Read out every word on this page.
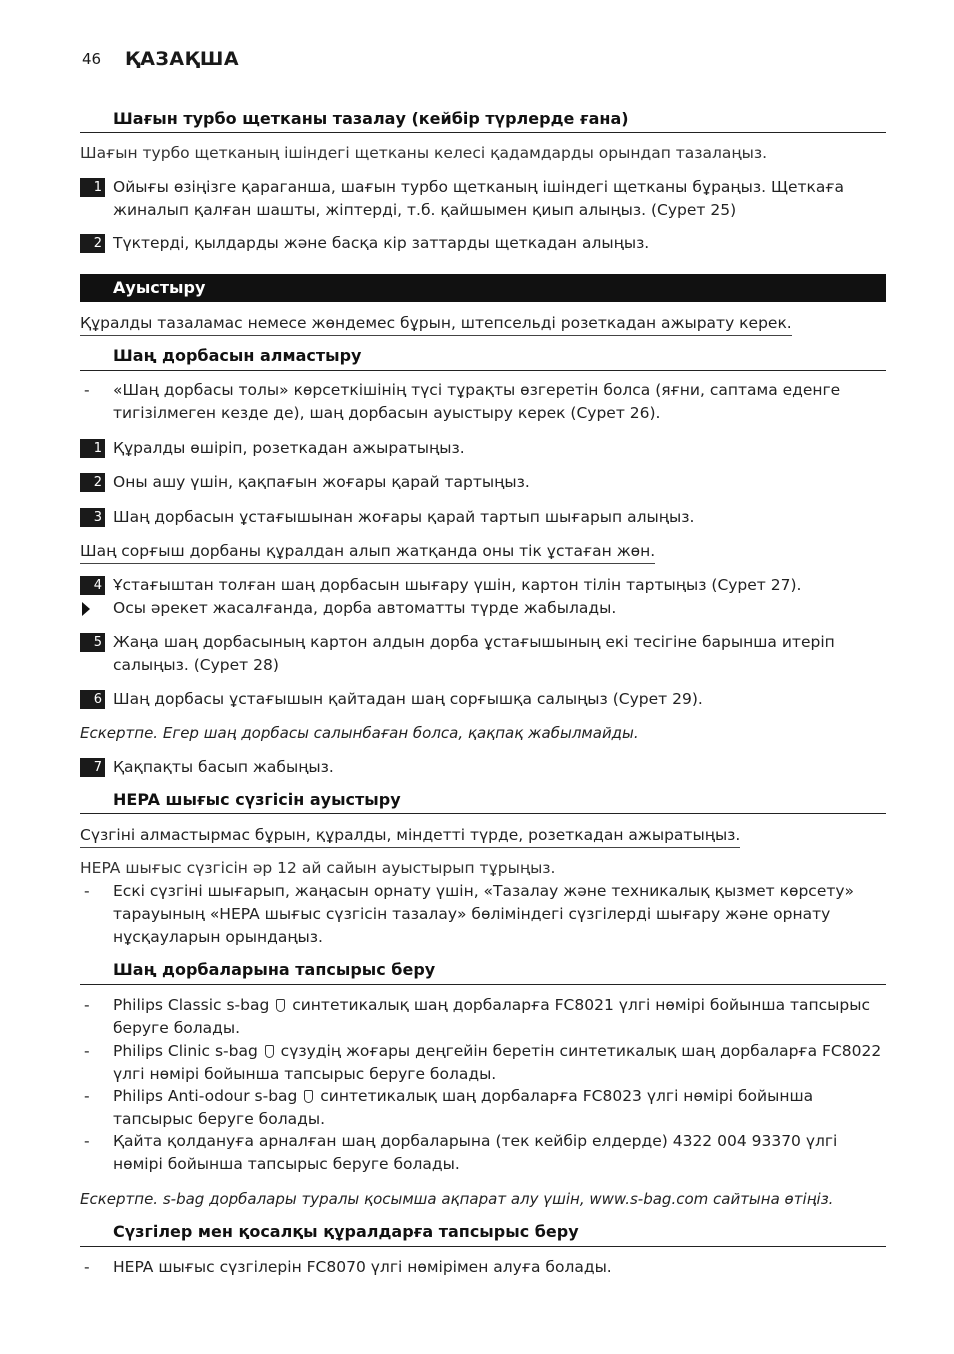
46 ҚАЗАҚША
Шағын турбо щетканы тазалау (кейбір түрлерде ғана)
Шағын турбо щетканың ішіндегі щетканы келесі қадамдарды орындап тазалаңыз.
1 Ойығы өзіңізге қараганша, шағын турбо щетканың ішіндегі щетканы бұраңыз. Щеткаға жиналып қалған шашты, жіптерді, т.б. қайшымен қиып алыңыз. (Сурет 25)
2 Түктерді, қылдарды және басқа кір заттарды щеткадан алыңыз.
Ауыстыру
Құралды тазаламас немесе жөндемес бұрын, штепсельді розеткадан ажырату керек.
Шаң дорбасын алмастыру
- «Шаң дорбасы толы» көрсеткішінің түсі тұрақты өзгеретін болса (яғни, саптама еденге тигізілмеген кезде де), шаң дорбасын ауыстыру керек (Сурет 26).
1 Құралды өшіріп, розеткадан ажыратыңыз.
2 Оны ашу үшін, қақпағын жоғары қарай тартыңыз.
3 Шаң дорбасын ұстағышынан жоғары қарай тартып шығарып алыңыз.
Шаң сорғыш дорбаны құралдан алып жатқанда оны тік ұстаған жөн.
4 Ұстағыштан толған шаң дорбасын шығару үшін, картон тілін тартыңыз (Сурет 27).
Осы әрекет жасалғанда, дорба автоматты түрде жабылады.
5 Жаңа шаң дорбасының картон алдын дорба ұстағышының екі тесігіне барынша итеріп салыңыз. (Сурет 28)
6 Шаң дорбасы ұстағышын қайтадан шаң сорғышқа салыңыз (Сурет 29).
Ескертпе. Егер шаң дорбасы салынбаған болса, қақпақ жабылмайды.
7 Қақпақты басып жабыңыз.
HEPA шығыс сүзгісін ауыстыру
Сүзгіні алмастырмас бұрын, құралды, міндетті түрде, розеткадан ажыратыңыз.
HEPA шығыс сүзгісін әр 12 ай сайын ауыстырып тұрыңыз.
- Ескі сүзгіні шығарып, жаңасын орнату үшін, «Тазалау және техникалық қызмет көрсету» тарауының «HEPA шығыс сүзгісін тазалау» бөліміндегі сүзгілерді шығару және орнату нұсқауларын орындаңыз.
Шаң дорбаларына тапсырыс беру
- Philips Classic s-bag синтетикалық шаң дорбаларға FC8021 үлгі нөмірі бойынша тапсырыс беруге болады.
- Philips Clinic s-bag сүзудің жоғары деңгейін беретін синтетикалық шаң дорбаларға FC8022 үлгі нөмірі бойынша тапсырыс беруге болады.
- Philips Anti-odour s-bag синтетикалық шаң дорбаларға FC8023 үлгі нөмірі бойынша тапсырыс беруге болады.
- Қайта қолдануға арналған шаң дорбаларына (тек кейбір елдерде) 4322 004 93370 үлгі нөмірі бойынша тапсырыс беруге болады.
Ескертпе. s-bag дорбалары туралы қосымша ақпарат алу үшін, www.s-bag.com сайтына өтіңіз.
Сүзгілер мен қосалқы құралдарға тапсырыс беру
- HEPA шығыс сүзгілерін FC8070 үлгі нөмірімен алуға болады.
